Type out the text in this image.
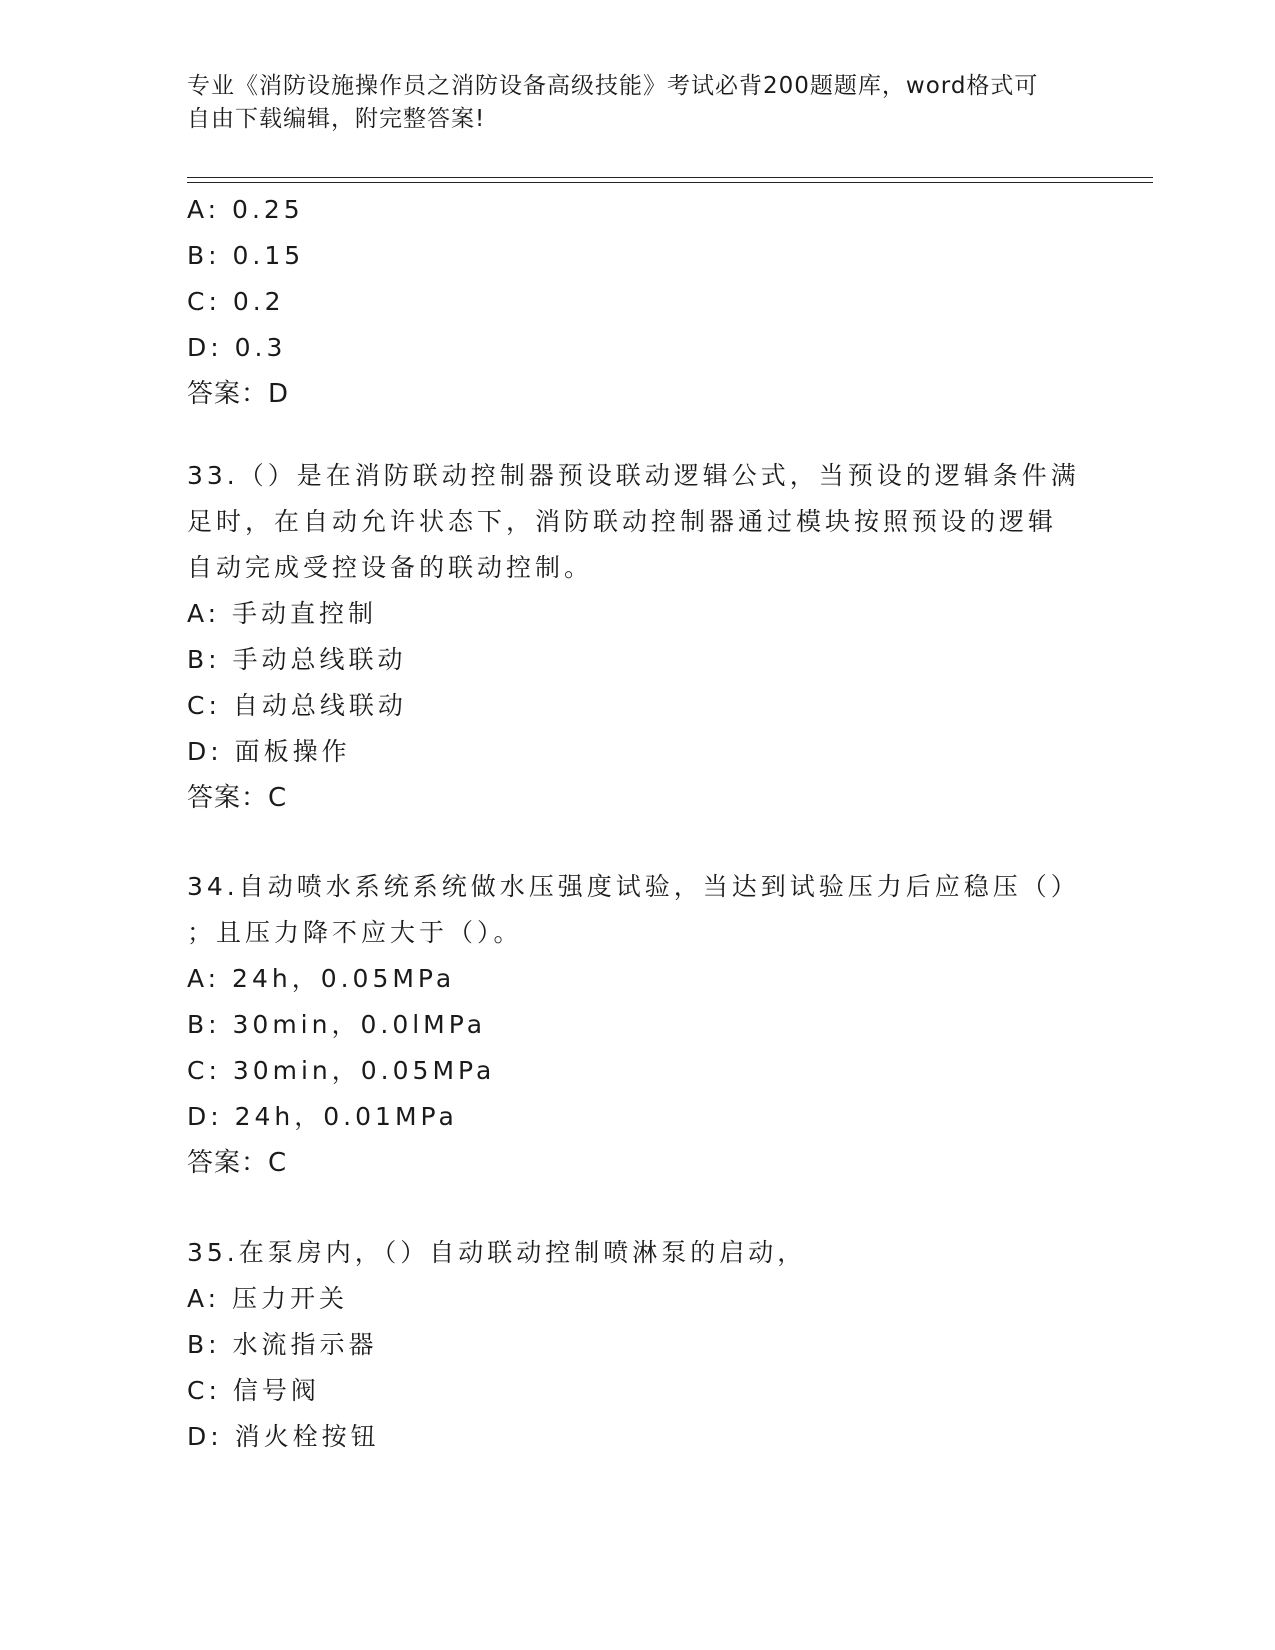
专业《消防设施操作员之消防设备高级技能》考试必背200题题库，word格式可
自由下载编辑，附完整答案!
A: 0.25
B: 0.15
C: 0.2
D: 0.3
答案：D
33.（）是在消防联动控制器预设联动逻辑公式，当预设的逻辑条件满
足时，在自动允许状态下，消防联动控制器通过模块按照预设的逻辑
自动完成受控设备的联动控制。
A: 手动直控制
B: 手动总线联动
C: 自动总线联动
D: 面板操作
答案：C
34.自动喷水系统系统做水压强度试验，当达到试验压力后应稳压（）
；且压力降不应大于（）。
A: 24h，0.05MPa
B: 30min，0.0lMPa
C: 30min，0.05MPa
D: 24h，0.01MPa
答案：C
35.在泵房内，（）自动联动控制喷淋泵的启动，
A: 压力开关
B: 水流指示器
C: 信号阀
D: 消火栓按钮
